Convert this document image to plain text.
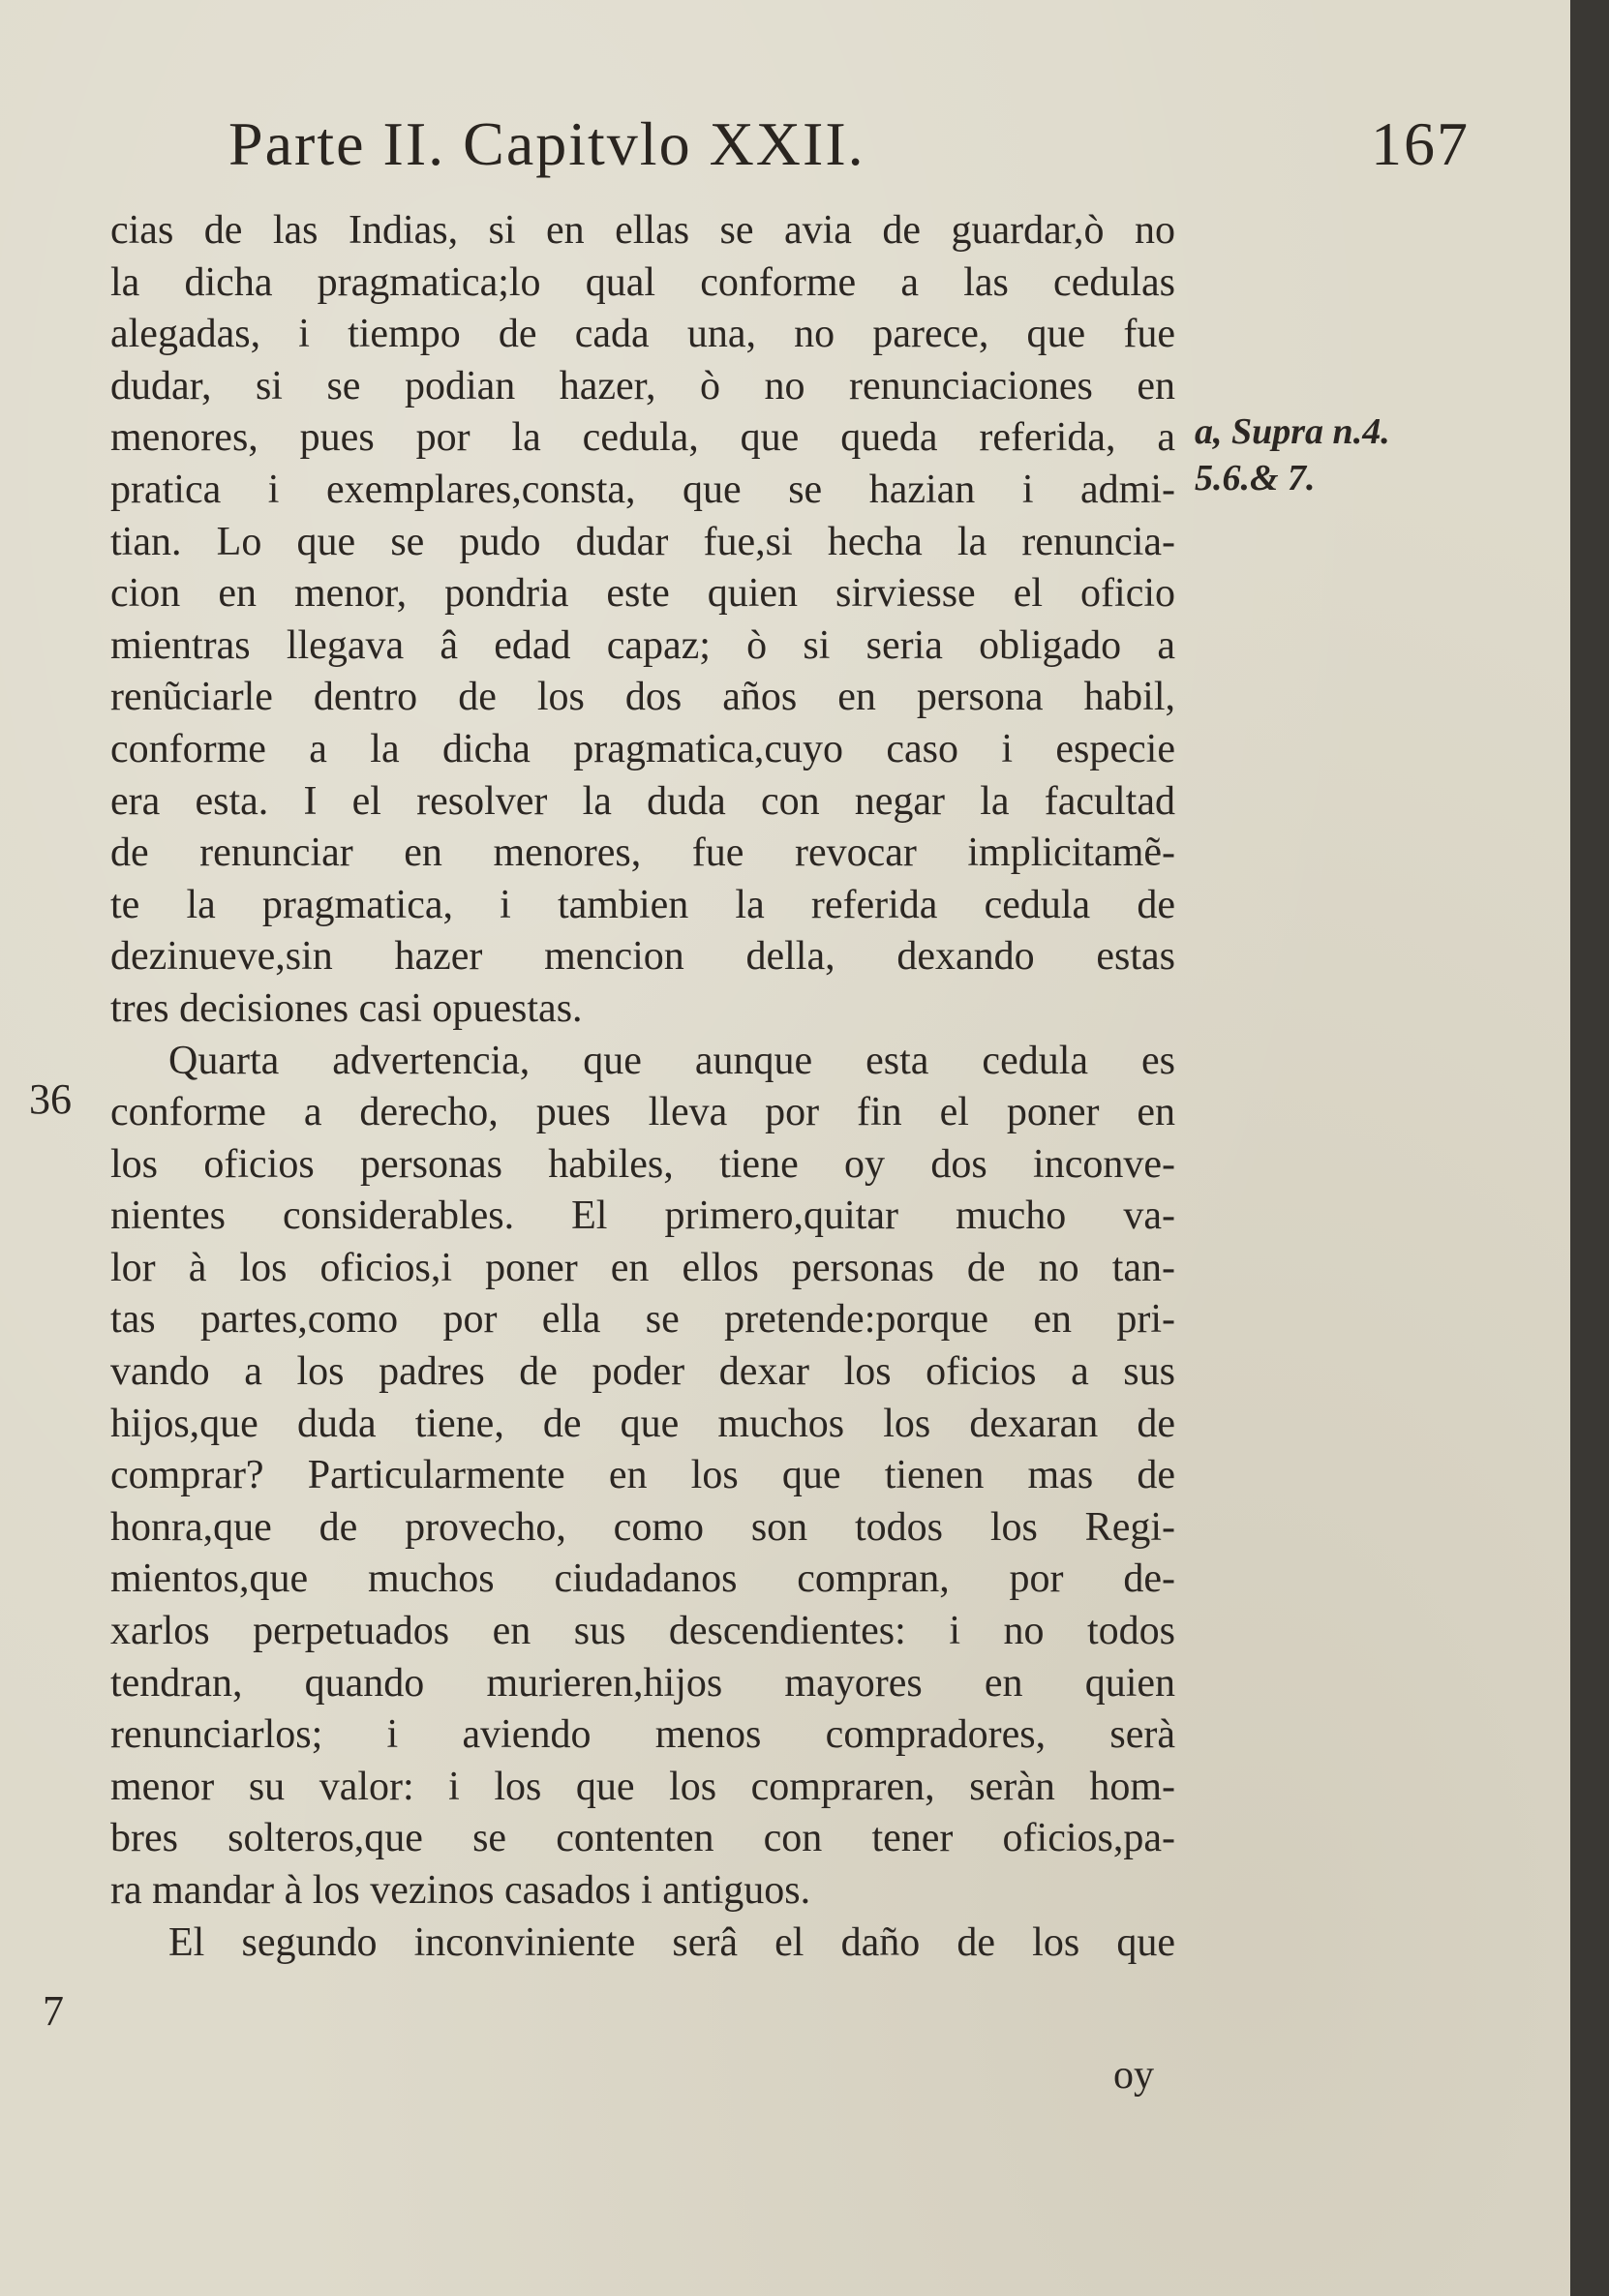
Parte II. Capitvlo XXII.	167
cias de las Indias, si en ellas se avia de guardar,ò no
la dicha pragmatica;lo qual conforme a las cedulas
alegadas, i tiempo de cada una, no parece, que fue
dudar, si se podian hazer, ò no renunciaciones en
menores, pues por la cedula, que queda referida, a
pratica i exemplares,consta, que se hazian i admi-
tian. Lo que se pudo dudar fue,si hecha la renuncia-
cion en menor, pondria este quien sirviesse el oficio
mientras llegava â edad capaz; ò si seria obligado a
renũciarle dentro de los dos años en persona habil,
conforme a la dicha pragmatica,cuyo caso i especie
era esta. I el resolver la duda con negar la facultad
de renunciar en menores, fue revocar implicitamẽ-
te la pragmatica, i tambien la referida cedula de
dezinueve,sin hazer mencion della, dexando estas
tres decisiones casi opuestas.
Quarta advertencia, que aunque esta cedula es
conforme a derecho, pues lleva por fin el poner en
los oficios personas habiles, tiene oy dos inconve-
nientes considerables. El primero,quitar mucho va-
lor à los oficios,i poner en ellos personas de no tan-
tas partes,como por ella se pretende:porque en pri-
vando a los padres de poder dexar los oficios a sus
hijos,que duda tiene, de que muchos los dexaran de
comprar? Particularmente en los que tienen mas de
honra,que de provecho, como son todos los Regi-
mientos,que muchos ciudadanos compran, por de-
xarlos perpetuados en sus descendientes: i no todos
tendran, quando murieren,hijos mayores en quien
renunciarlos; i aviendo menos compradores, serà
menor su valor: i los que los compraren, seràn hom-
bres solteros,que se contenten con tener oficios,pa-
ra mandar à los vezinos casados i antiguos.
El segundo inconviniente serâ el daño de los que
36
7
a, Supra n.4.
5.6.& 7.
oy
